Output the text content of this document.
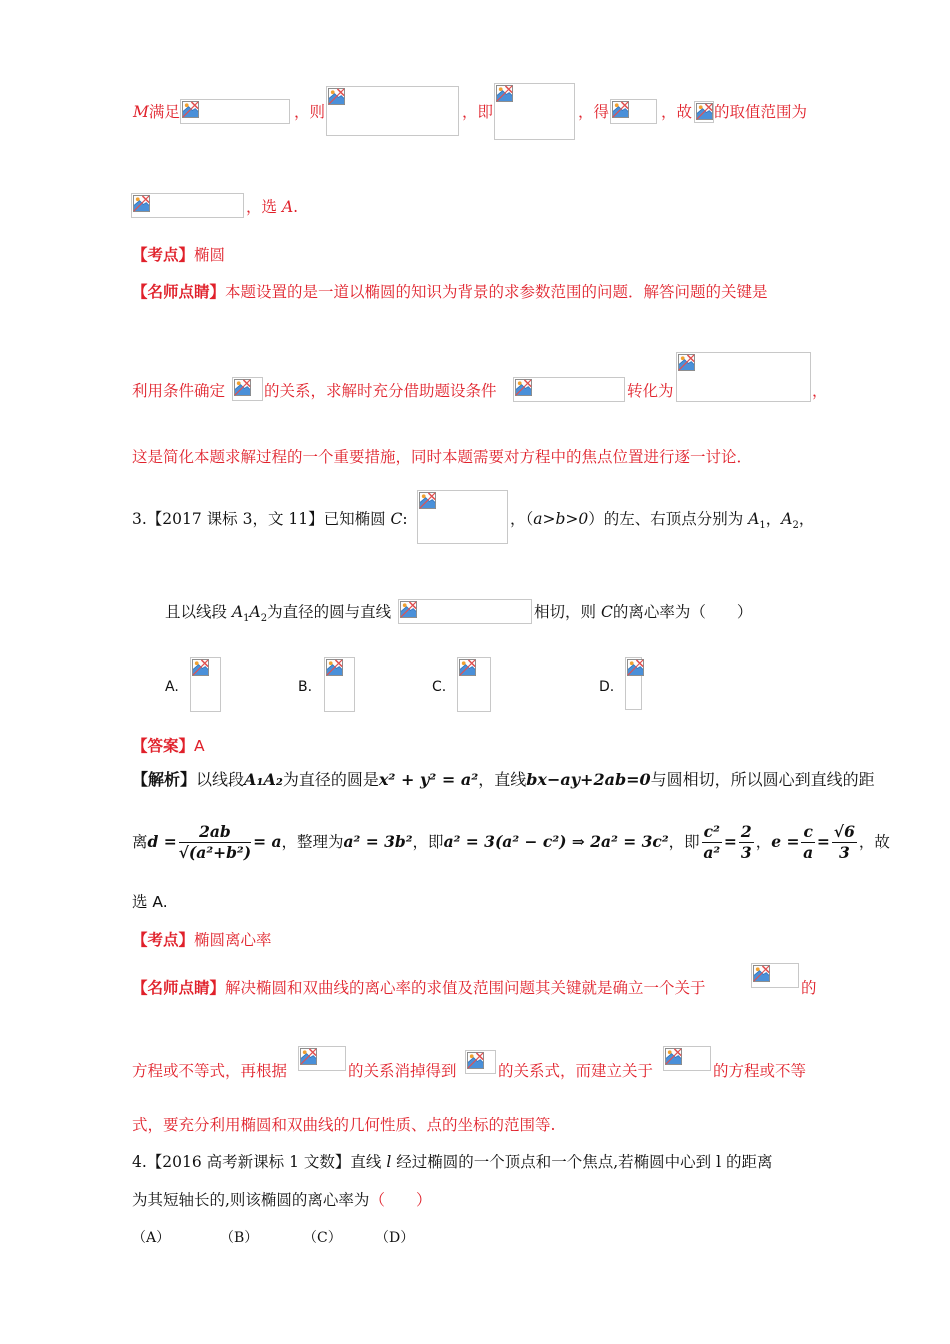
M满足	，则	，即	，得	，故 的取值范围为
，选 A.
【考点】椭圆
【名师点睛】本题设置的是一道以椭圆的知识为背景的求参数范围的问题．解答问题的关键是
利用条件确定	的关系，求解时充分借助题设条件	转化为	，
这是简化本题求解过程的一个重要措施，同时本题需要对方程中的焦点位置进行逐一讨论．
3.【2017 课标 3，文 11】已知椭圆 C:	，（a>b>0）的左、右顶点分别为 $A_1$，$A_2$，
且以线段 $A_1A_2$为直径的圆与直线	相切，则 C的离心率为（　　）
A.	B.	C.	D.
【答案】A
【解析】以线段A₁A₂为直径的圆是x² + y² = a²，直线bx−ay+2ab=0与圆相切，所以圆心到直线的距
离$d = \frac{2ab}{\text{√(a²+b²)}} = a$，整理为a² = 3b²，即a² = 3(a² − c²) ⇒ 2a² = 3c²，即 $\frac{\text{c²}}{\text{a²}} = \frac{2}{3}$ ，$e = \frac{c}{a} = \frac{√6}{3}$ ，故
选 A.
【考点】椭圆离心率
【名师点睛】解决椭圆和双曲线的离心率的求值及范围问题其关键就是确立一个关于	的
方程或不等式，再根据	的关系消掉得到	的关系式，而建立关于	的方程或不等
式，要充分利用椭圆和双曲线的几何性质、点的坐标的范围等.
4.【2016 高考新课标 1 文数】直线 l 经过椭圆的一个顶点和一个焦点,若椭圆中心到 l 的距离
为其短轴长的,则该椭圆的离心率为（　　）
（A）	（B）	（C） （D）
